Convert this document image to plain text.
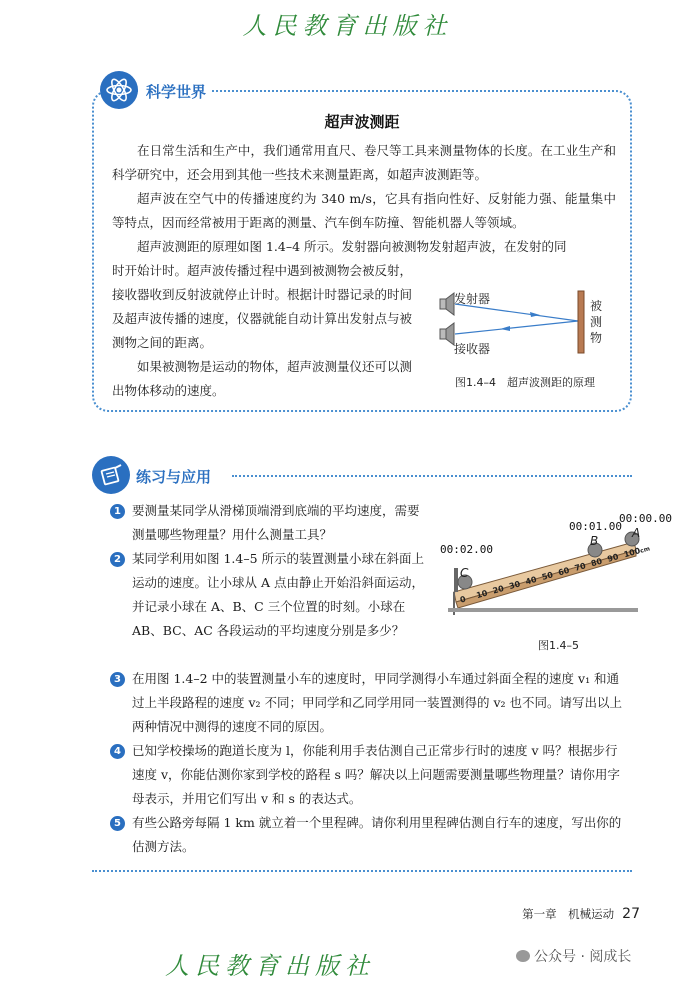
人民教育出版社
科学世界
超声波测距
在日常生活和生产中，我们通常用直尺、卷尺等工具来测量物体的长度。在工业生产和科学研究中，还会用到其他一些技术来测量距离，如超声波测距等。
超声波在空气中的传播速度约为 340 m/s，它具有指向性好、反射能力强、能量集中等特点，因而经常被用于距离的测量、汽车倒车防撞、智能机器人等领域。
超声波测距的原理如图 1.4–4 所示。发射器向被测物发射超声波，在发射的同
时开始计时。超声波传播过程中遇到被测物会被反射，接收器收到反射波就停止计时。根据计时器记录的时间及超声波传播的速度，仪器就能自动计算出发射点与被测物之间的距离。
如果被测物是运动的物体，超声波测量仪还可以测出物体移动的速度。
发射器
接收器
被测物
图1.4–4　超声波测距的原理
练习与应用
1 要测量某同学从滑梯顶端滑到底端的平均速度，需要测量哪些物理量？用什么测量工具？
2 某同学利用如图 1.4–5 所示的装置测量小球在斜面上运动的速度。让小球从 A 点由静止开始沿斜面运动，并记录小球在 A、B、C 三个位置的时刻。小球在 AB、BC、AC 各段运动的平均速度分别是多少？
00:00.00
00:01.00
00:02.00
A
B
C
0 10 20 30 40 50 60 70 80 90 100cm
图1.4–5
3 在用图 1.4–2 中的装置测量小车的速度时，甲同学测得小车通过斜面全程的速度 v₁ 和通过上半段路程的速度 v₂ 不同；甲同学和乙同学用同一装置测得的 v₂ 也不同。请写出以上两种情况中测得的速度不同的原因。
4 已知学校操场的跑道长度为 l，你能利用手表估测自己正常步行时的速度 v 吗？根据步行速度 v，你能估测你家到学校的路程 s 吗？解决以上问题需要测量哪些物理量？请你用字母表示，并用它们写出 v 和 s 的表达式。
5 有些公路旁每隔 1 km 就立着一个里程碑。请你利用里程碑估测自行车的速度，写出你的估测方法。
第一章　机械运动 27
人民教育出版社	公众号 · 阅成长
